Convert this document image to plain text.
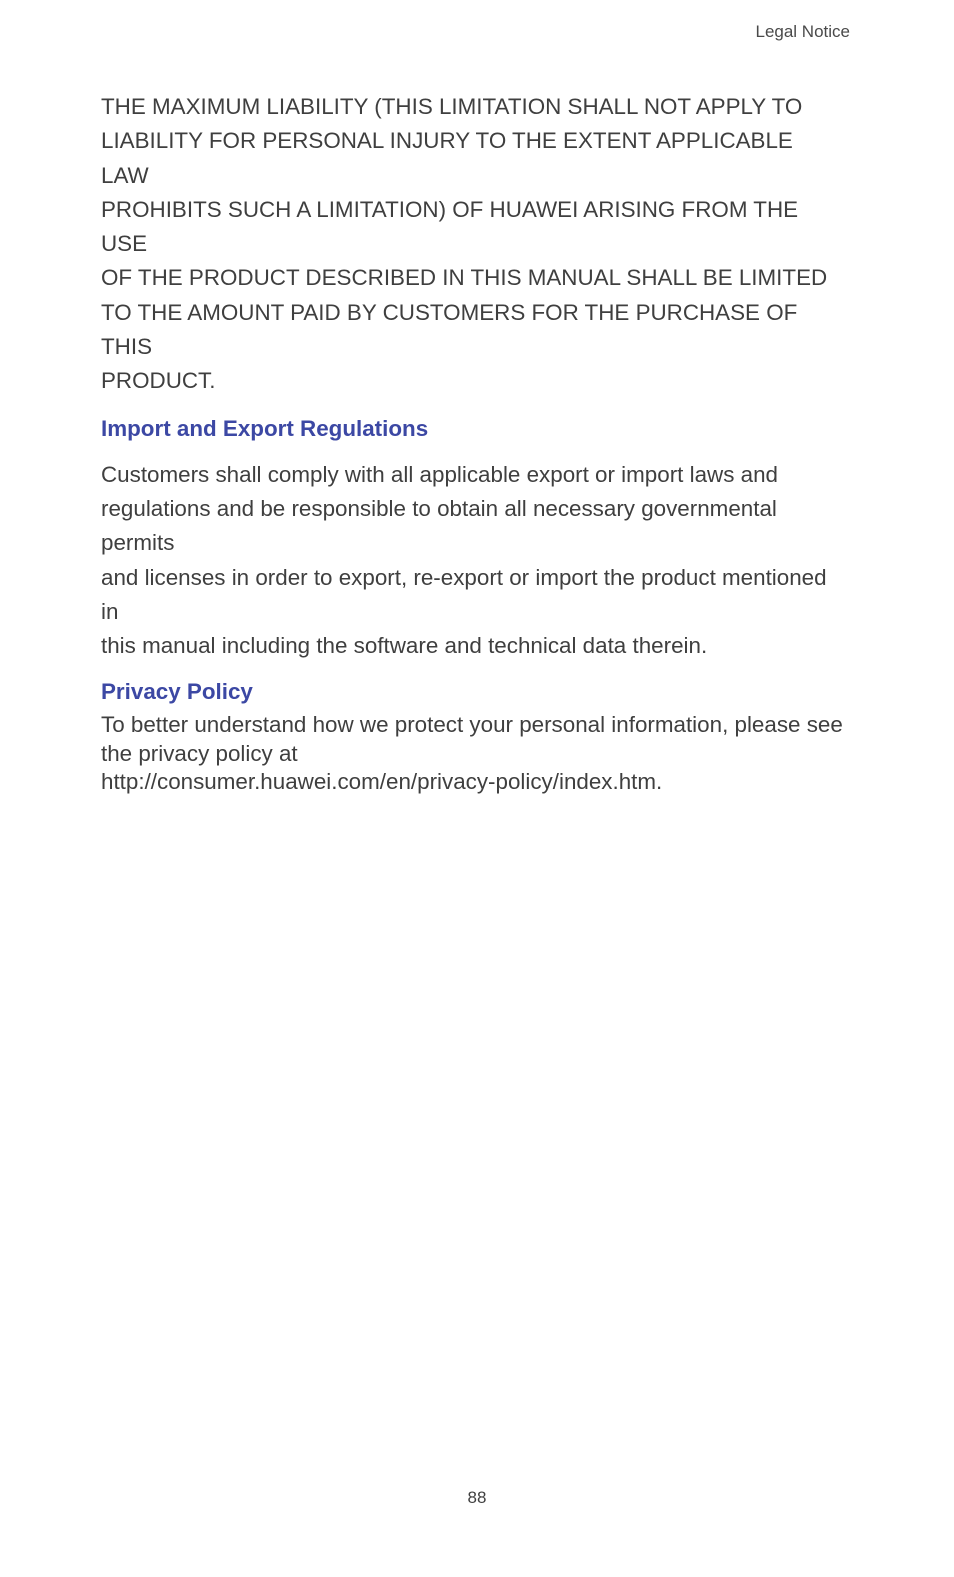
Legal Notice

THE MAXIMUM LIABILITY (THIS LIMITATION SHALL NOT APPLY TO
LIABILITY FOR PERSONAL INJURY TO THE EXTENT APPLICABLE LAW
PROHIBITS SUCH A LIMITATION) OF HUAWEI ARISING FROM THE USE
OF THE PRODUCT DESCRIBED IN THIS MANUAL SHALL BE LIMITED
TO THE AMOUNT PAID BY CUSTOMERS FOR THE PURCHASE OF THIS
PRODUCT.

Import and Export Regulations

Customers shall comply with all applicable export or import laws and
regulations and be responsible to obtain all necessary governmental permits
and licenses in order to export, re-export or import the product mentioned in
this manual including the software and technical data therein.

Privacy Policy

To better understand how we protect your personal information, please see
the privacy policy at
http://consumer.huawei.com/en/privacy-policy/index.htm.

88
